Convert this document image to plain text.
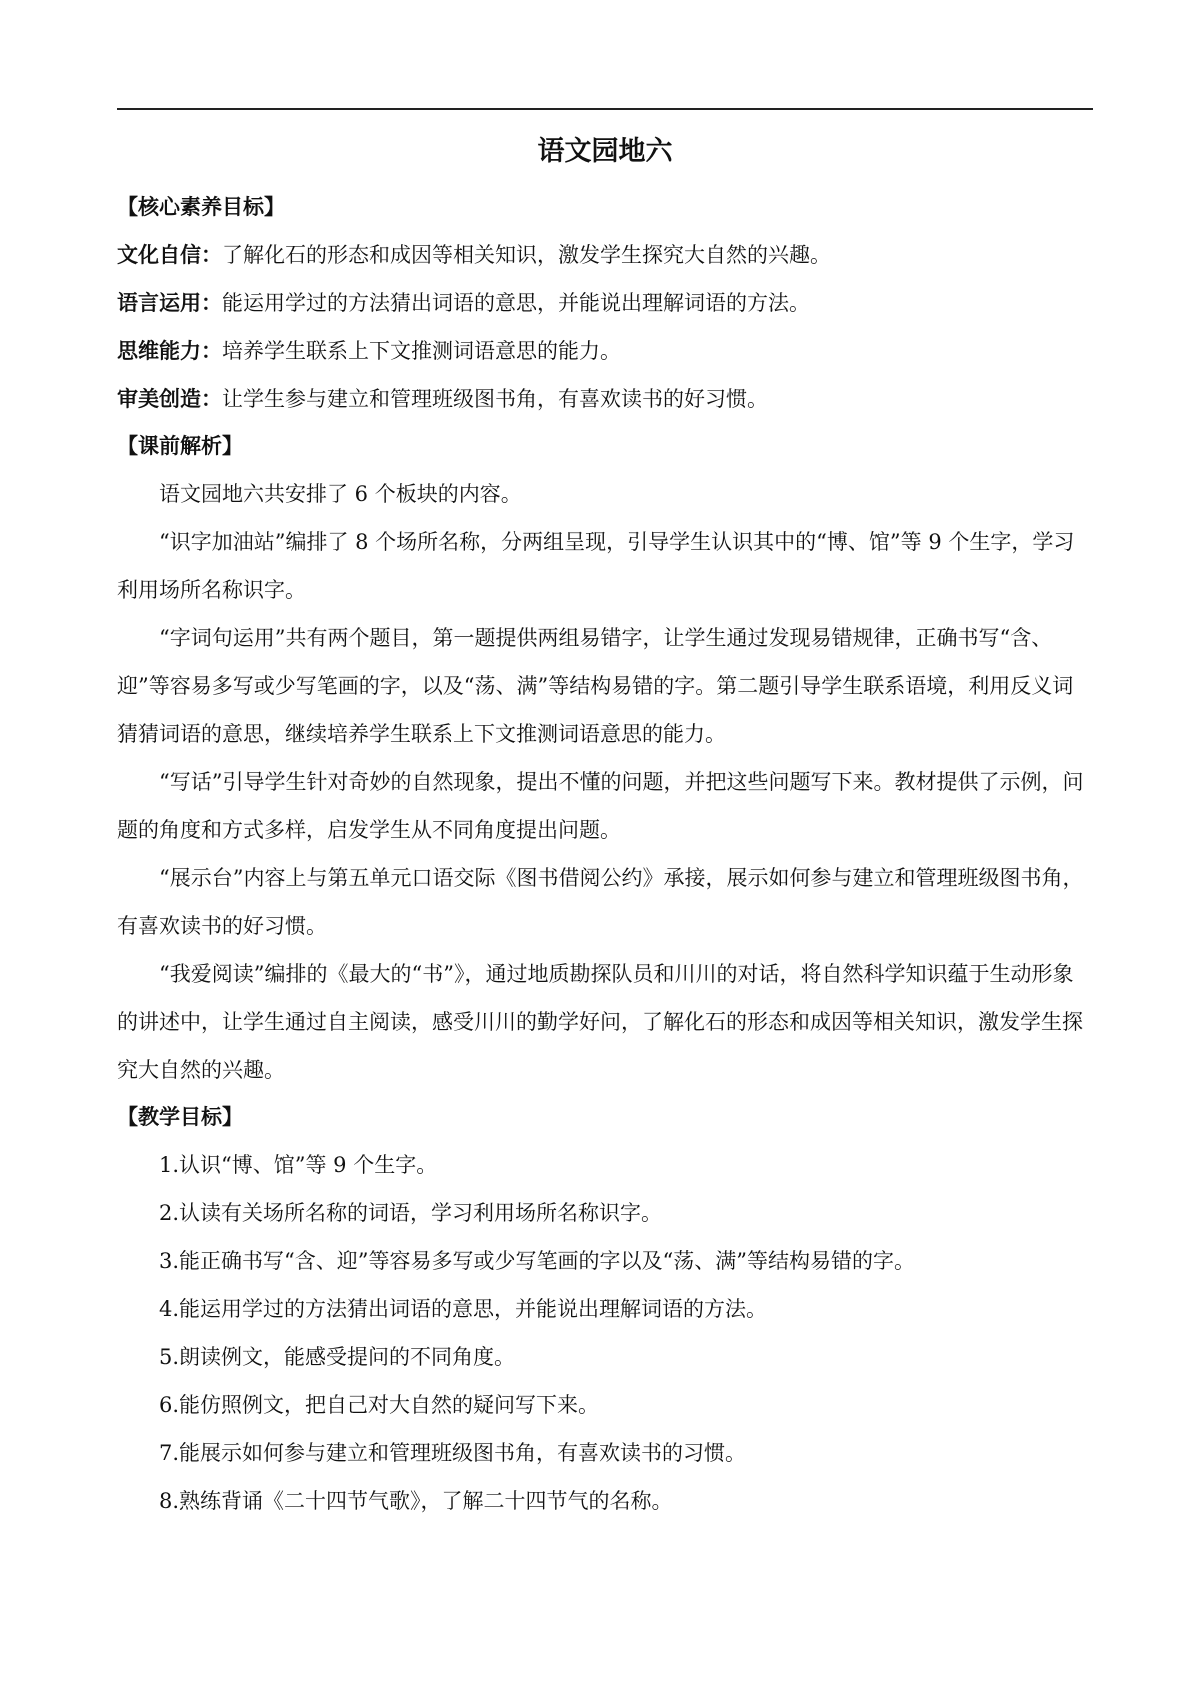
语文园地六
【核心素养目标】
文化自信：了解化石的形态和成因等相关知识，激发学生探究大自然的兴趣。
语言运用：能运用学过的方法猜出词语的意思，并能说出理解词语的方法。
思维能力：培养学生联系上下文推测词语意思的能力。
审美创造：让学生参与建立和管理班级图书角，有喜欢读书的好习惯。
【课前解析】

语文园地六共安排了 6 个板块的内容。

“识字加油站”编排了 8 个场所名称，分两组呈现，引导学生认识其中的“博、馆”等 9 个生字，学习利用场所名称识字。

“字词句运用”共有两个题目，第一题提供两组易错字，让学生通过发现易错规律，正确书写“含、迎”等容易多写或少写笔画的字，以及“荡、满”等结构易错的字。第二题引导学生联系语境，利用反义词猜猜词语的意思，继续培养学生联系上下文推测词语意思的能力。

“写话”引导学生针对奇妙的自然现象，提出不懂的问题，并把这些问题写下来。教材提供了示例，问题的角度和方式多样，启发学生从不同角度提出问题。

“展示台”内容上与第五单元口语交际《图书借阅公约》承接，展示如何参与建立和管理班级图书角，有喜欢读书的好习惯。

“我爱阅读”编排的《最大的“书”》，通过地质勘探队员和川川的对话，将自然科学知识蕴于生动形象的讲述中，让学生通过自主阅读，感受川川的勤学好问，了解化石的形态和成因等相关知识，激发学生探究大自然的兴趣。

【教学目标】
1.认识“博、馆”等 9 个生字。
2.认读有关场所名称的词语，学习利用场所名称识字。
3.能正确书写“含、迎”等容易多写或少写笔画的字以及“荡、满”等结构易错的字。
4.能运用学过的方法猜出词语的意思，并能说出理解词语的方法。
5.朗读例文，能感受提问的不同角度。
6.能仿照例文，把自己对大自然的疑问写下来。
7.能展示如何参与建立和管理班级图书角，有喜欢读书的习惯。
8.熟练背诵《二十四节气歌》，了解二十四节气的名称。
